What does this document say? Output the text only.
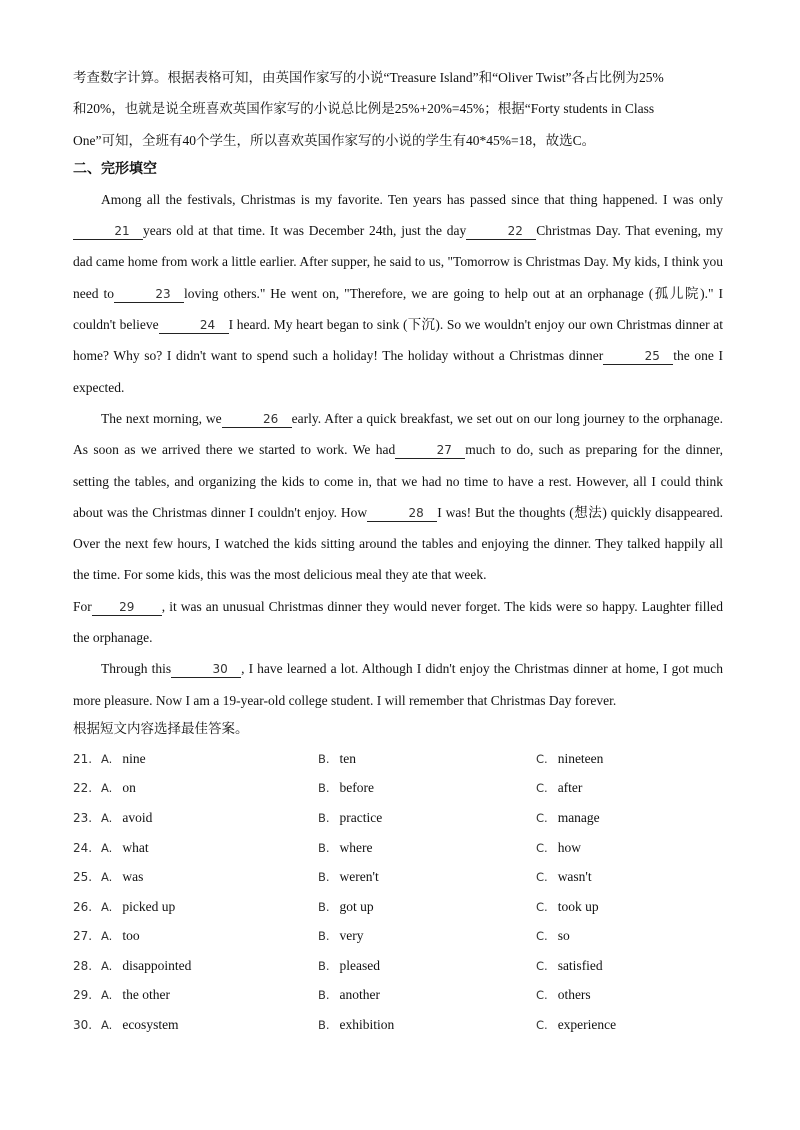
考查数字计算。根据表格可知，由英国作家写的小说“Treasure Island”和“Oliver Twist”各占比例为25%
和20%，也就是说全班喜欢英国作家写的小说总比例是25%+20%=45%；根据“Forty students in Class
One”可知，全班有40个学生，所以喜欢英国作家写的小说的学生有40*45%=18，故选C。

二、完形填空

Among all the festivals, Christmas is my favorite. Ten years has passed since that thing happened. I was only21 years old at that time. It was December 24th, just the day	22 Christmas Day. That evening, my dad came home from work a little earlier. After supper, he said to us, "Tomorrow is Christmas Day. My kids, I think you need to	23 loving others." He went on, "Therefore, we are going to help out at an orphanage (孤儿院)." I couldn't believe	24 I heard. My heart began to sink (下沉). So we wouldn't enjoy our own Christmas dinner at home? Why so? I didn't want to spend such a holiday! The holiday without a Christmas dinner	25 the one I expected.

The next morning, we	26 early. After a quick breakfast, we set out on our long journey to the orphanage. As soon as we arrived there we started to work. We had	27 much to do, such as preparing for the dinner, setting the tables, and organizing the kids to come in, that we had no time to have a rest. However, all I could think about was the Christmas dinner I couldn't enjoy. How	28 I was! But the thoughts (想法) quickly disappeared. Over the next few hours, I watched the kids sitting around the tables and enjoying the dinner. They talked happily all the time. For some kids, this was the most delicious meal they ate that week.

For 29 , it was an unusual Christmas dinner they would never forget. The kids were so happy. Laughter filled the orphanage.

Through this	30 , I have learned a lot. Although I didn't enjoy the Christmas dinner at home, I got much more pleasure. Now I am a 19-year-old college student. I will remember that Christmas Day forever.

根据短文内容选择最佳答案。
21. A. nine	B. ten	C. nineteen
22. A. on	B. before	C. after
23. A. avoid	B. practice	C. manage
24. A. what	B. where	C. how
25. A. was	B. weren't	C. wasn't
26. A. picked up	B. got up	C. took up
27. A. too	B. very	C. so
28. A. disappointed	B. pleased	C. satisfied
29. A. the other	B. another	C. others
30. A. ecosystem	B. exhibition	C. experience
